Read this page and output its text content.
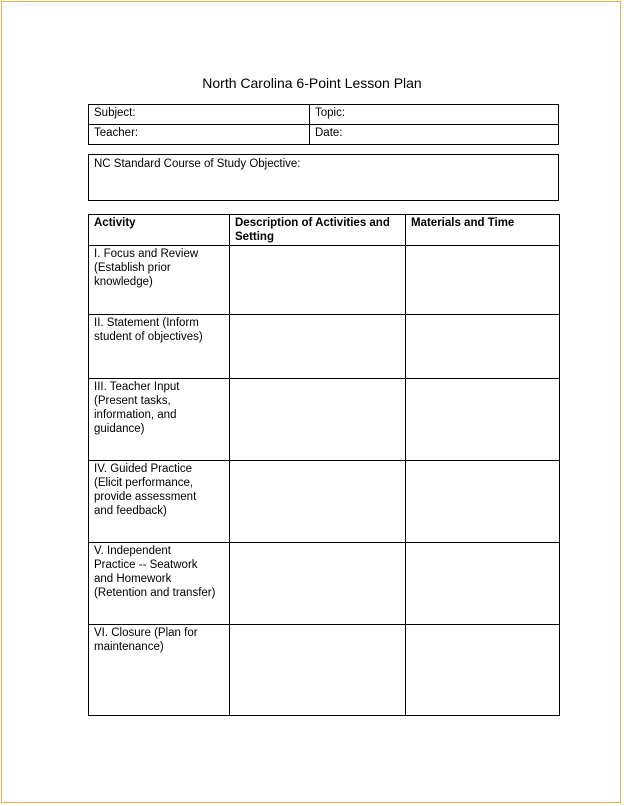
North Carolina 6-Point Lesson Plan
Subject:	Topic:
Teacher:	Date:
NC Standard Course of Study Objective:
Activity	Description of Activities and Setting	Materials and Time
I. Focus and Review
(Establish prior
knowledge)		
II. Statement (Inform
student of objectives)		
III. Teacher Input
(Present tasks,
information, and
guidance)		
IV. Guided Practice
(Elicit performance,
provide assessment
and feedback)		
V. Independent
Practice -- Seatwork
and Homework
(Retention and transfer)		
VI. Closure (Plan for
maintenance)		
